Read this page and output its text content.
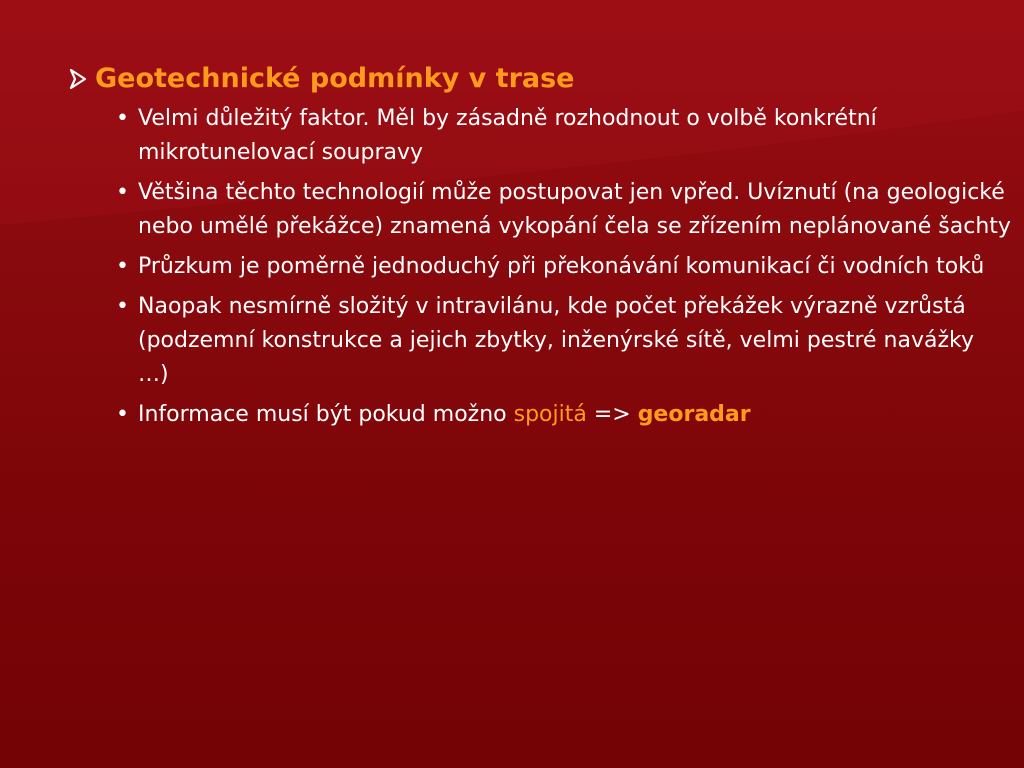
Geotechnické podmínky v trase
• Velmi důležitý faktor. Měl by zásadně rozhodnout o volbě konkrétní mikrotunelovací soupravy
• Většina těchto technologií může postupovat jen vpřed. Uvíznutí (na geologické nebo umělé překážce) znamená vykopání čela se zřízením neplánované šachty
• Průzkum je poměrně jednoduchý při překonávání komunikací či vodních toků
• Naopak nesmírně složitý v intravilánu, kde počet překážek výrazně vzrůstá (podzemní konstrukce a jejich zbytky, inženýrské sítě, velmi pestré navážky …)
• Informace musí být pokud možno spojitá => georadar
